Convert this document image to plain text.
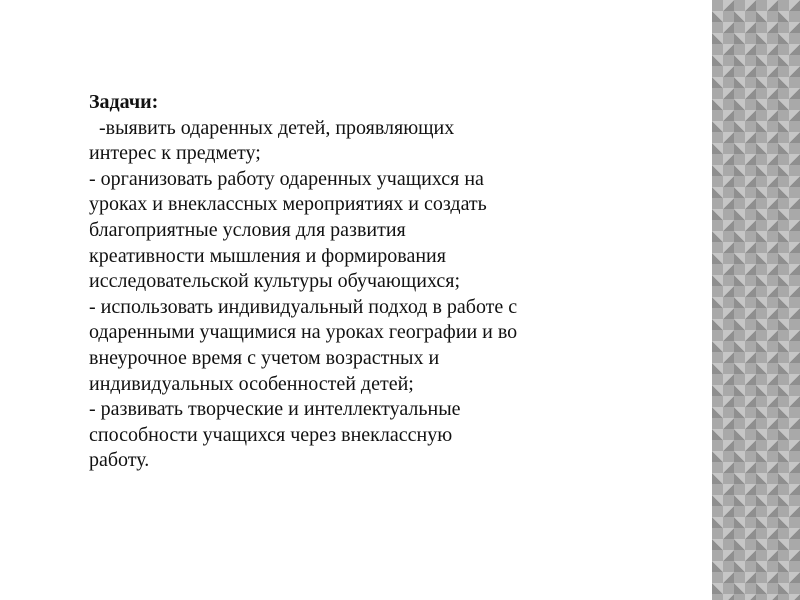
Задачи:
-выявить одаренных детей, проявляющих
интерес к предмету;
- организовать работу одаренных учащихся на
уроках и внеклассных мероприятиях и создать
благоприятные условия для развития
креативности мышления и формирования
исследовательской культуры обучающихся;
- использовать индивидуальный подход в работе с
одаренными учащимися на уроках географии и во
внеурочное время с учетом возрастных и
индивидуальных особенностей детей;
- развивать творческие и интеллектуальные
способности учащихся через внеклассную
работу.
